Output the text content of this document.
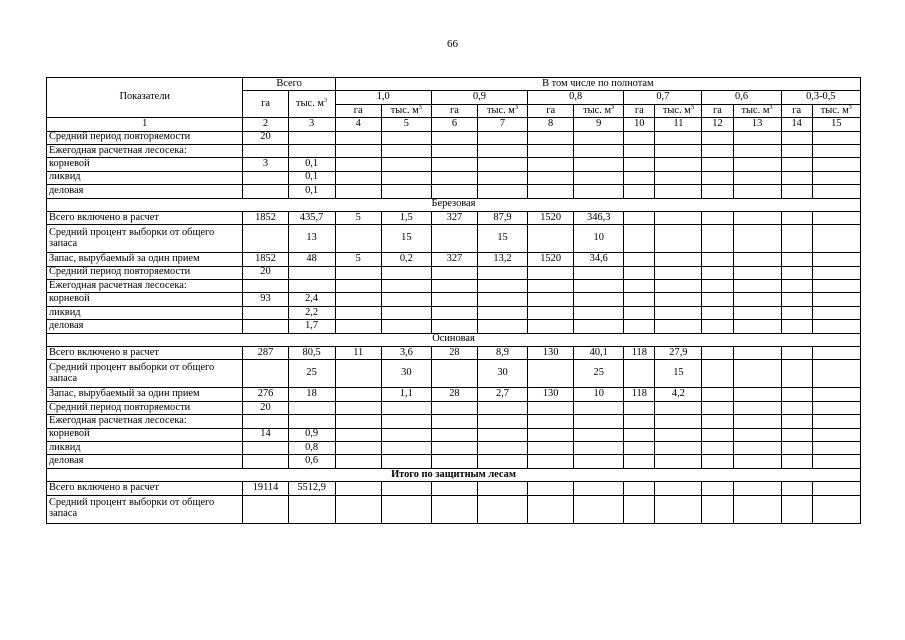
66
Показатели	Всего		В том числе по полнотам											
	га	тыс. $м^3$	1,0		0,9		0,8		0,7		0,6		0,3-0,5	
			га	тыс. $м^3$	га	тыс. $м^3$	га	тыс. $м^3$	га	тыс. $м^3$	га	тыс. $м^3$	га	тыс. $м^3$
1	2	3	4	5	6	7	8	9	10	11	12	13	14	15
Средний период повторяемости	20													
Ежегодная расчетная лесосека:														
корневой	3	0,1												
ликвид		0,1												
деловая		0,1												
Березовая														
Всего включено в расчет	1852	435,7	5	1,5	327	87,9	1520	346,3						
Средний процент выборки от общего запаса		13		15		15		10						
Запас, вырубаемый за один прием	1852	48	5	0,2	327	13,2	1520	34,6						
Средний период повторяемости	20													
Ежегодная расчетная лесосека:														
корневой	93	2,4												
ликвид		2,2												
деловая		1,7												
Осиновая														
Всего включено в расчет	287	80,5	11	3,6	28	8,9	130	40,1	118	27,9				
Средний процент выборки от общего запаса		25		30		30		25		15				
Запас, вырубаемый за один прием	276	18		1,1	28	2,7	130	10	118	4,2				
Средний период повторяемости	20													
Ежегодная расчетная лесосека:														
корневой	14	0,9												
ликвид		0,8												
деловая		0,6												
Итого по защитным лесам														
Всего включено в расчет	19114	5512,9												
Средний процент выборки от общего запаса														
